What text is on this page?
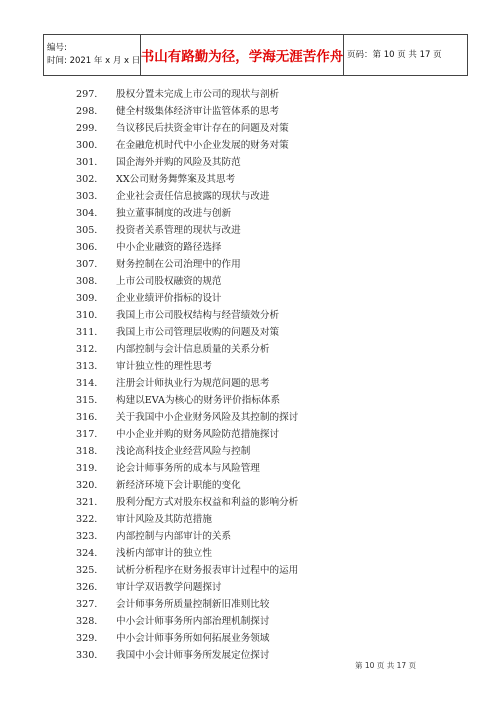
编号:
时间: 2021 年 x 月 x 日 书山有路勤为径，学海无涯苦作舟 页码：第 10 页 共 17 页
297.	股权分置未完成上市公司的现状与剖析
298.	健全村级集体经济审计监管体系的思考
299.	刍议移民后扶资金审计存在的问题及对策
300.	在金融危机时代中小企业发展的财务对策
301.	国企海外并购的风险及其防范
302.	XX公司财务舞弊案及其思考
303.	企业社会责任信息披露的现状与改进
304.	独立董事制度的改进与创新
305.	投资者关系管理的现状与改进
306.	中小企业融资的路径选择
307.	财务控制在公司治理中的作用
308.	上市公司股权融资的规范
309.	企业业绩评价指标的设计
310.	我国上市公司股权结构与经营绩效分析
311.	我国上市公司管理层收购的问题及对策
312.	内部控制与会计信息质量的关系分析
313.	审计独立性的理性思考
314.	注册会计师执业行为规范问题的思考
315.	构建以EVA为核心的财务评价指标体系
316.	关于我国中小企业财务风险及其控制的探讨
317.	中小企业并购的财务风险防范措施探讨
318.	浅论高科技企业经营风险与控制
319.	论会计师事务所的成本与风险管理
320.	新经济环境下会计职能的变化
321.	股利分配方式对股东权益和利益的影响分析
322.	审计风险及其防范措施
323.	内部控制与内部审计的关系
324.	浅析内部审计的独立性
325.	试析分析程序在财务报表审计过程中的运用
326.	审计学双语教学问题探讨
327.	会计师事务所质量控制新旧准则比较
328.	中小会计师事务所内部治理机制探讨
329.	中小会计师事务所如何拓展业务领域
330.	我国中小会计师事务所发展定位探讨
第 10 页 共 17 页
